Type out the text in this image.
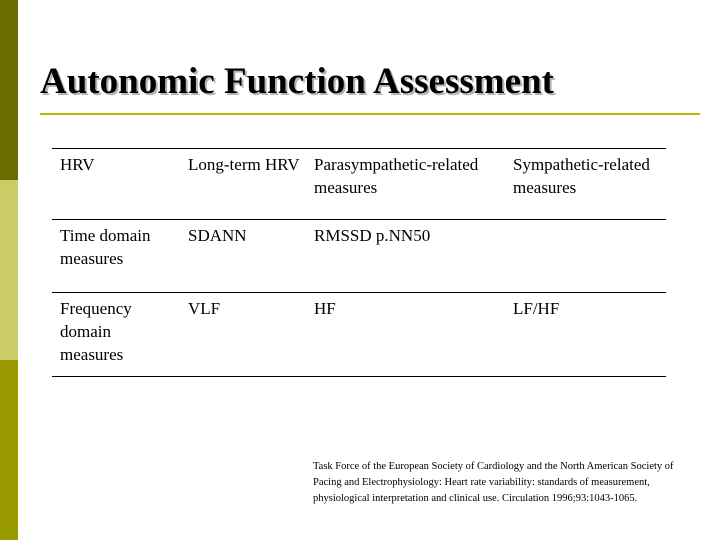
Autonomic Function Assessment
HRV	Long-term HRV	Parasympathetic-related measures	Sympathetic-related measures
Time domain measures	SDANN	RMSSD p.NN50	
Frequency domain measures	VLF	HF	LF/HF
Task Force of the European Society of Cardiology and the North American Society of Pacing and Electrophysiology: Heart rate variability: standards of measurement, physiological interpretation and clinical use. Circulation 1996;93:1043-1065.
